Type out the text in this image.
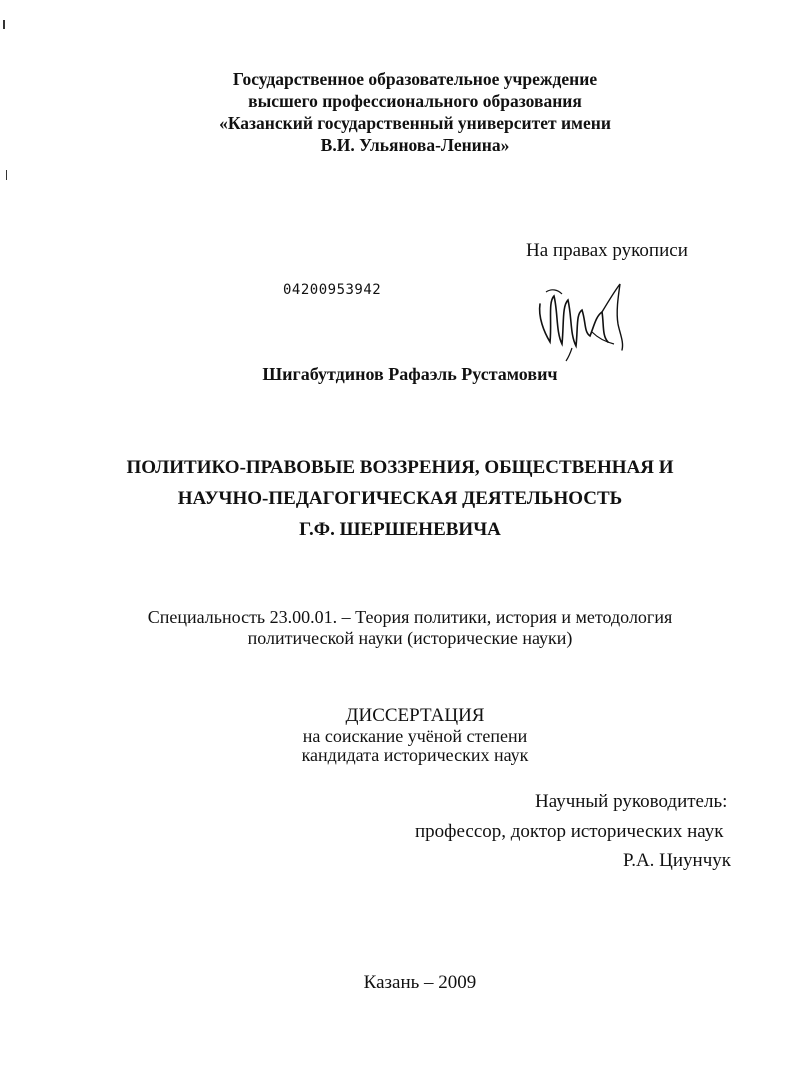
Государственное образовательное учреждение
высшего профессионального образования
«Казанский государственный университет имени
В.И. Ульянова-Ленина»
На правах рукописи
04200953942
Шигабутдинов Рафаэль Рустамович
ПОЛИТИКО-ПРАВОВЫЕ ВОЗЗРЕНИЯ, ОБЩЕСТВЕННАЯ И
НАУЧНО-ПЕДАГОГИЧЕСКАЯ ДЕЯТЕЛЬНОСТЬ
Г.Ф. ШЕРШЕНЕВИЧА
Специальность 23.00.01. – Теория политики, история и методология
политической науки (исторические науки)
ДИССЕРТАЦИЯ
на соискание учёной степени
кандидата исторических наук
Научный руководитель:
профессор, доктор исторических наук
Р.А. Циунчук
Казань – 2009
